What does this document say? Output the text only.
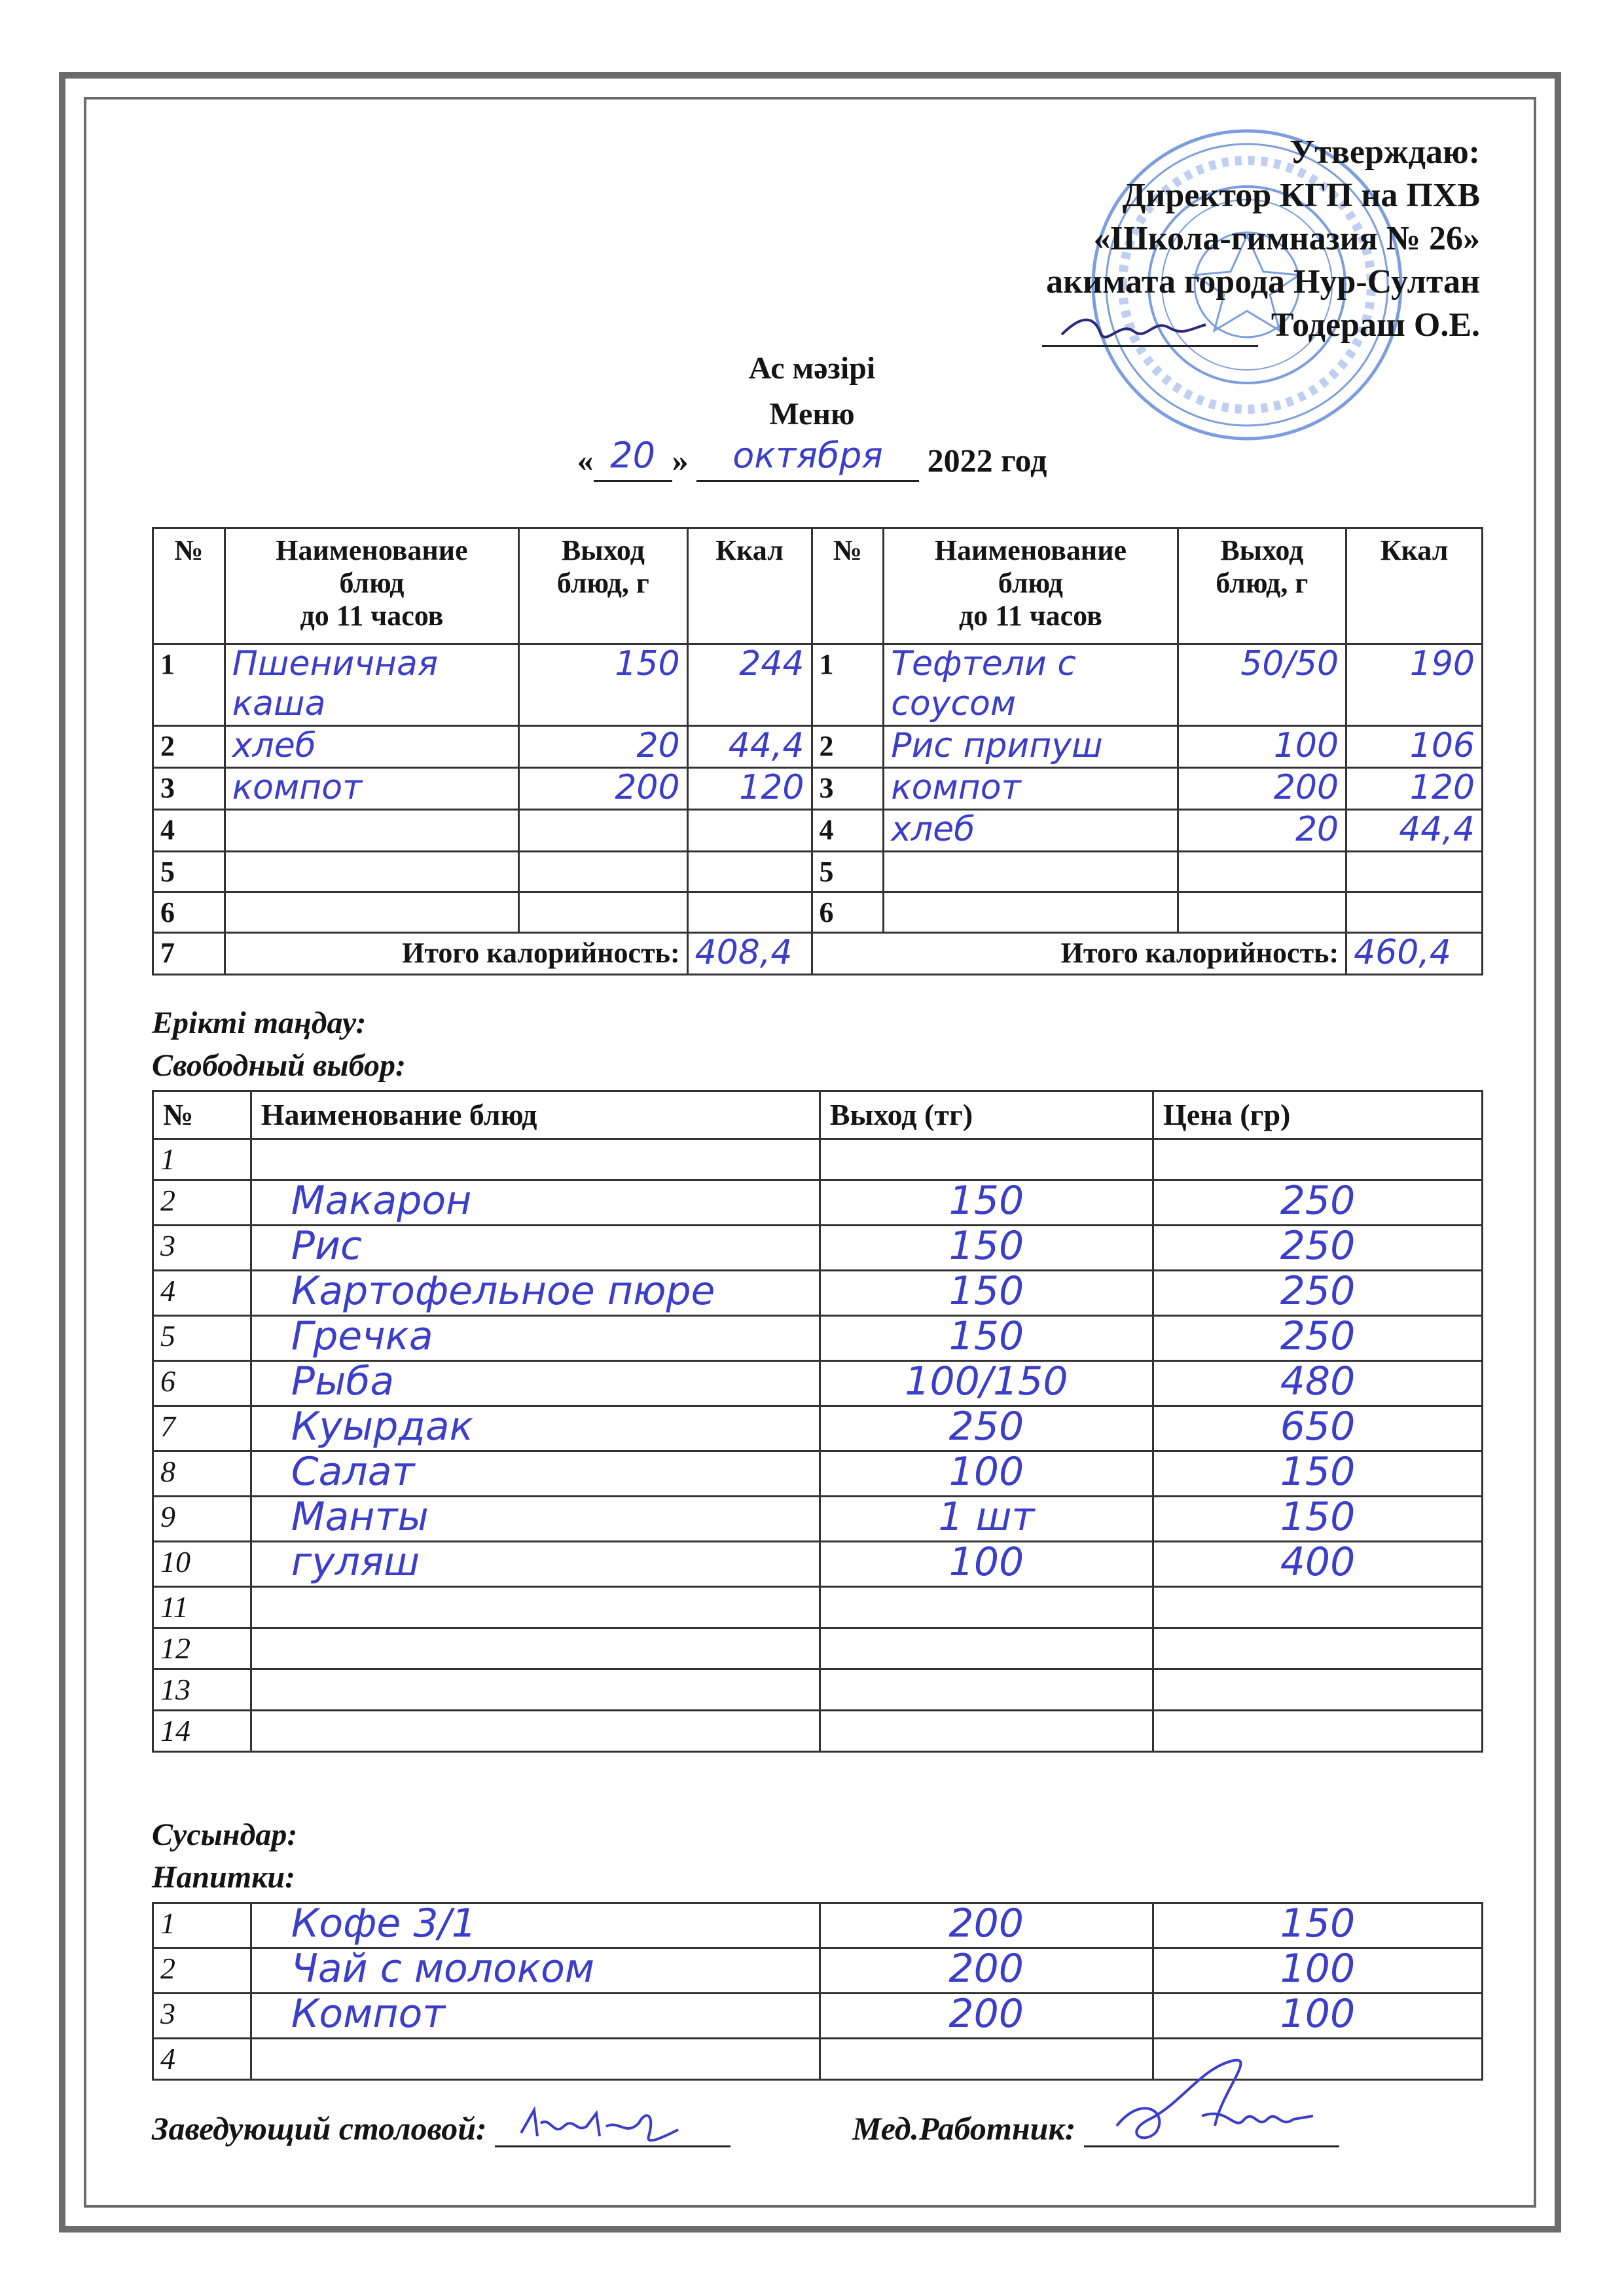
Утверждаю:
Директор КГП на ПХВ
«Школа-гимназия № 26»
акимата города Нур-Султан
Тодераш О.Е.
Ас мәзірі
Меню
« 20 » октября 2022 год
№	Наименование
блюд
до 11 часов	Выход
блюд, г	Ккал	№	Наименование
блюд
до 11 часов	Выход
блюд, г	Ккал
1	Пшеничная каша	150	244	1	Тефтели с соусом	50/50	190
2	хлеб	20	44,4	2	Рис припуш	100	106
3	компот	200	120	3	компот	200	120
4				4	хлеб	20	44,4
5				5			
6				6			
7	Итого калорийность:		408,4	Итого калорийность:			460,4
Ерікті таңдау:
Свободный выбор:
№	Наименование блюд	Выход (тг)	Цена (гр)
1			
2	Макарон	150	250
3	Рис	150	250
4	Картофельное пюре	150	250
5	Гречка	150	250
6	Рыба	100/150	480
7	Куырдак	250	650
8	Салат	100	150
9	Манты	1 шт	150
10	гуляш	100	400
11			
12			
13			
14			
Сусындар:
Напитки:
1	Кофе 3/1	200	150
2	Чай с молоком	200	100
3	Компот	200	100
4			
Заведующий столовой:	Мед.Работник:
